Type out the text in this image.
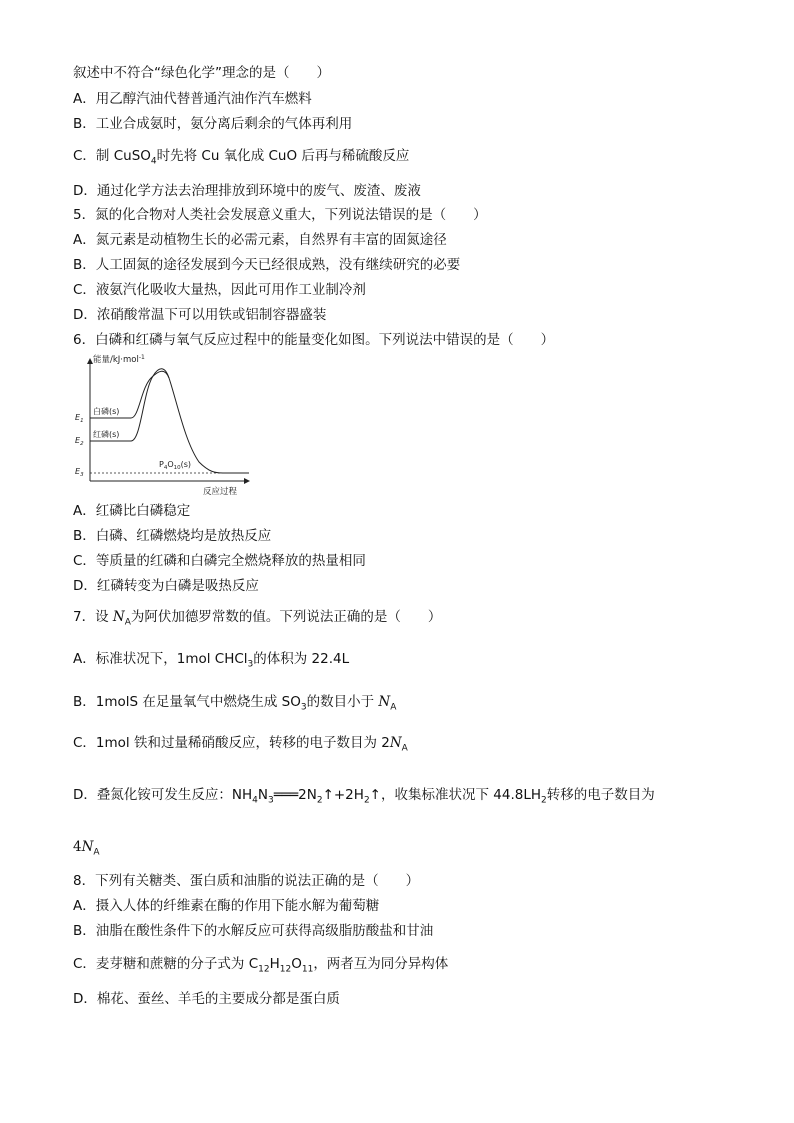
叙述中不符合“绿色化学”理念的是（　　）
A．用乙醇汽油代替普通汽油作汽车燃料
B．工业合成氨时，氨分离后剩余的气体再利用
C．制 CuSO$_4$时先将 Cu 氧化成 CuO 后再与稀硫酸反应
D．通过化学方法去治理排放到环境中的废气、废渣、废液
5．氮的化合物对人类社会发展意义重大，下列说法错误的是（　　）
A．氮元素是动植物生长的必需元素，自然界有丰富的固氮途径
B．人工固氮的途径发展到今天已经很成熟，没有继续研究的必要
C．液氨汽化吸收大量热，因此可用作工业制冷剂
D．浓硝酸常温下可以用铁或铝制容器盛装
6．白磷和红磷与氧气反应过程中的能量变化如图。下列说法中错误的是（　　）
能量/kJ·mol$^{-1}$
反应过程
$E_1$
$E_2$
$E_3$
白磷(s)
红磷(s)
$P_4O_{10}(s)$
A．红磷比白磷稳定
B．白磷、红磷燃烧均是放热反应
C．等质量的红磷和白磷完全燃烧释放的热量相同
D．红磷转变为白磷是吸热反应
7．设 $N_A$为阿伏加德罗常数的值。下列说法正确的是（　　）
A．标准状况下，1mol CHCl$_3$的体积为 22.4L
B．1molS 在足量氧气中燃烧生成 $SO_3$的数目小于 $N_A$
C．1mol 铁和过量稀硝酸反应，转移的电子数目为 $2N_A$
D．叠氮化铵可发生反应：$NH_4N_3═══2N_2↑+2H_2↑$，收集标准状况下 $44.8LH_2$转移的电子数目为
$4N_A$
8．下列有关糖类、蛋白质和油脂的说法正确的是（　　）
A．摄入人体的纤维素在酶的作用下能水解为葡萄糖
B．油脂在酸性条件下的水解反应可获得高级脂肪酸盐和甘油
C．麦芽糖和蔗糖的分子式为 $C_{12}H_{12}O_{11}$，两者互为同分异构体
D．棉花、蚕丝、羊毛的主要成分都是蛋白质
